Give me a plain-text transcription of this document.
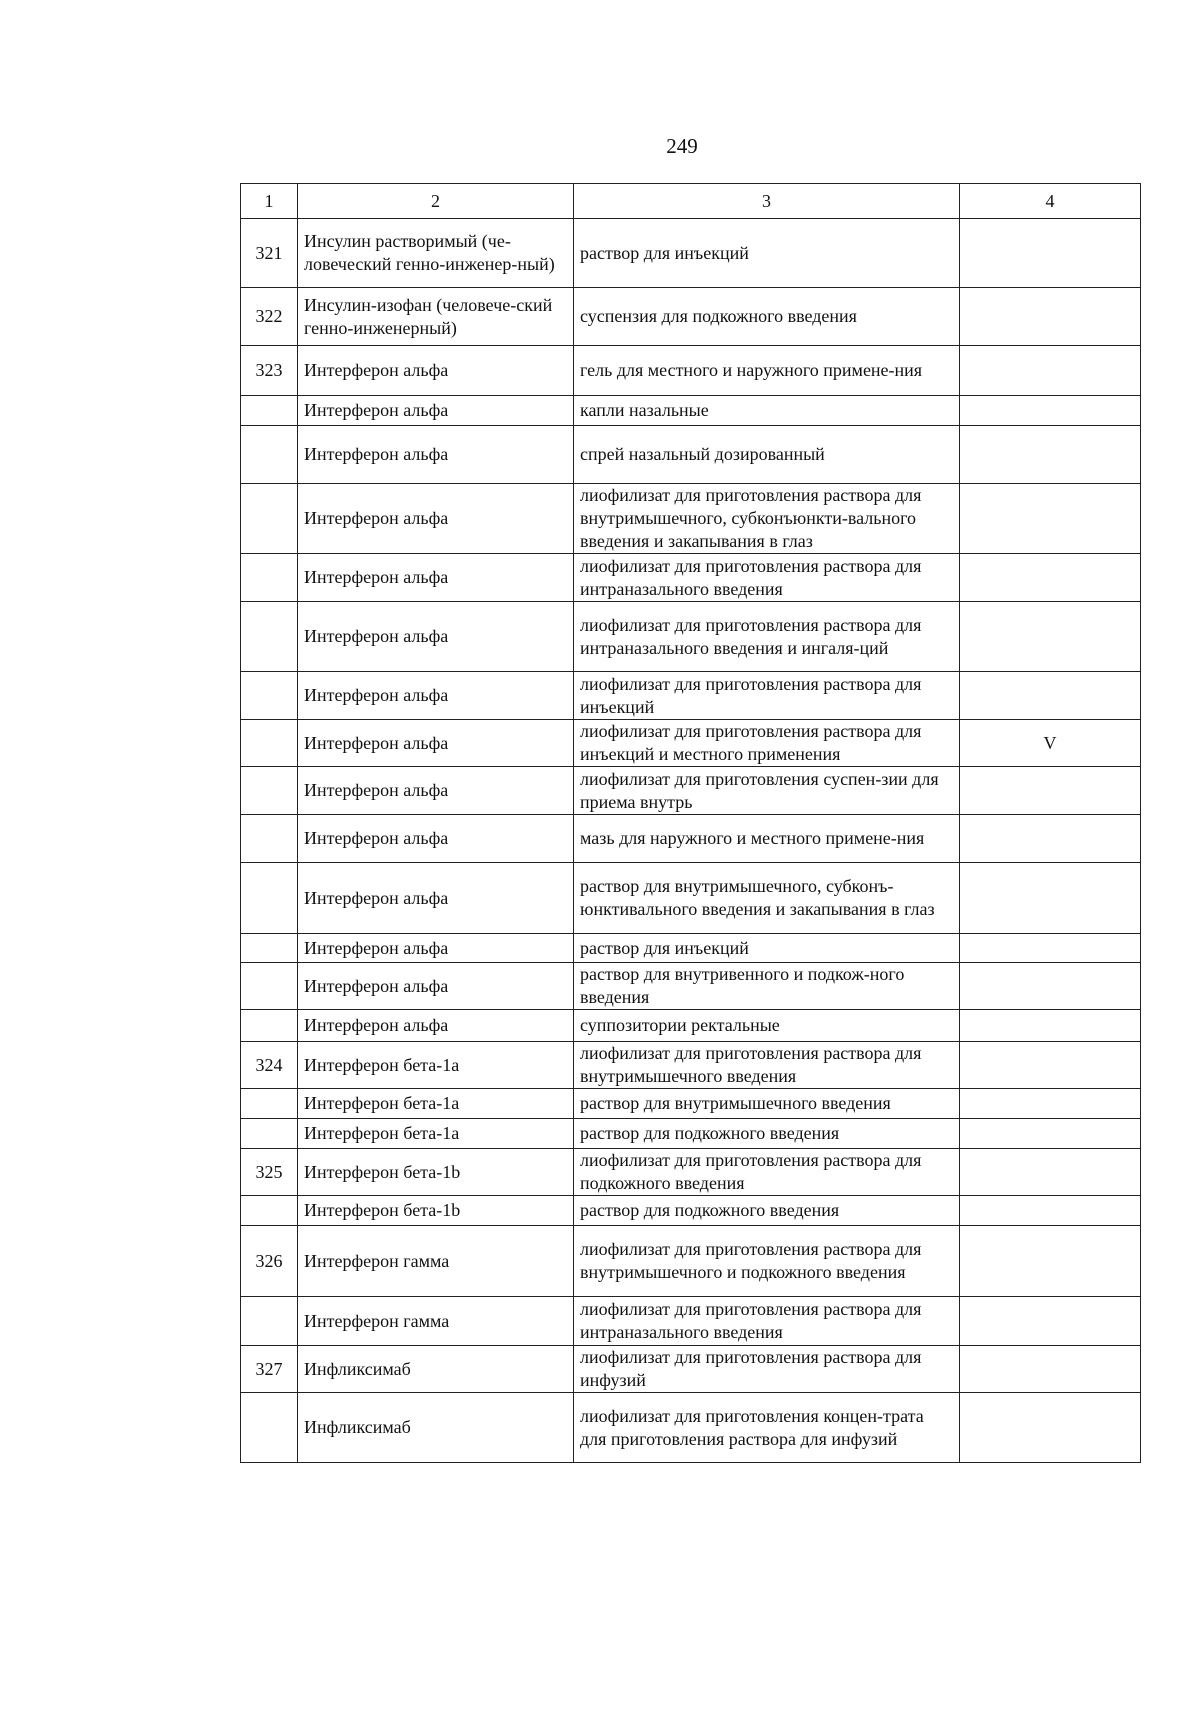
249
1	2	3	4
321	Инсулин растворимый (че-ловеческий генно-инженер-ный)	раствор для инъекций	
322	Инсулин-изофан (человече-ский генно-инженерный)	суспензия для подкожного введения	
323	Интерферон альфа	гель для местного и наружного примене-ния	
	Интерферон альфа	капли назальные	
	Интерферон альфа	спрей назальный дозированный	
	Интерферон альфа	лиофилизат для приготовления раствора для внутримышечного, субконъюнкти-вального введения и закапывания в глаз	
	Интерферон альфа	лиофилизат для приготовления раствора для интраназального введения	
	Интерферон альфа	лиофилизат для приготовления раствора для интраназального введения и ингаля-ций	
	Интерферон альфа	лиофилизат для приготовления раствора для инъекций	
	Интерферон альфа	лиофилизат для приготовления раствора для инъекций и местного применения	V
	Интерферон альфа	лиофилизат для приготовления суспен-зии для приема внутрь	
	Интерферон альфа	мазь для наружного и местного примене-ния	
	Интерферон альфа	раствор для внутримышечного, субконъ-юнктивального введения и закапывания в глаз	
	Интерферон альфа	раствор для инъекций	
	Интерферон альфа	раствор для внутривенного и подкож-ного введения	
	Интерферон альфа	суппозитории ректальные	
324	Интерферон бета-1а	лиофилизат для приготовления раствора для внутримышечного введения	
	Интерферон бета-1а	раствор для внутримышечного введения	
	Интерферон бета-1а	раствор для подкожного введения	
325	Интерферон бета-1b	лиофилизат для приготовления раствора для подкожного введения	
	Интерферон бета-1b	раствор для подкожного введения	
326	Интерферон гамма	лиофилизат для приготовления раствора для внутримышечного и подкожного введения	
	Интерферон гамма	лиофилизат для приготовления раствора для интраназального введения	
327	Инфликсимаб	лиофилизат для приготовления раствора для инфузий	
	Инфликсимаб	лиофилизат для приготовления концен-трата для приготовления раствора для инфузий	
